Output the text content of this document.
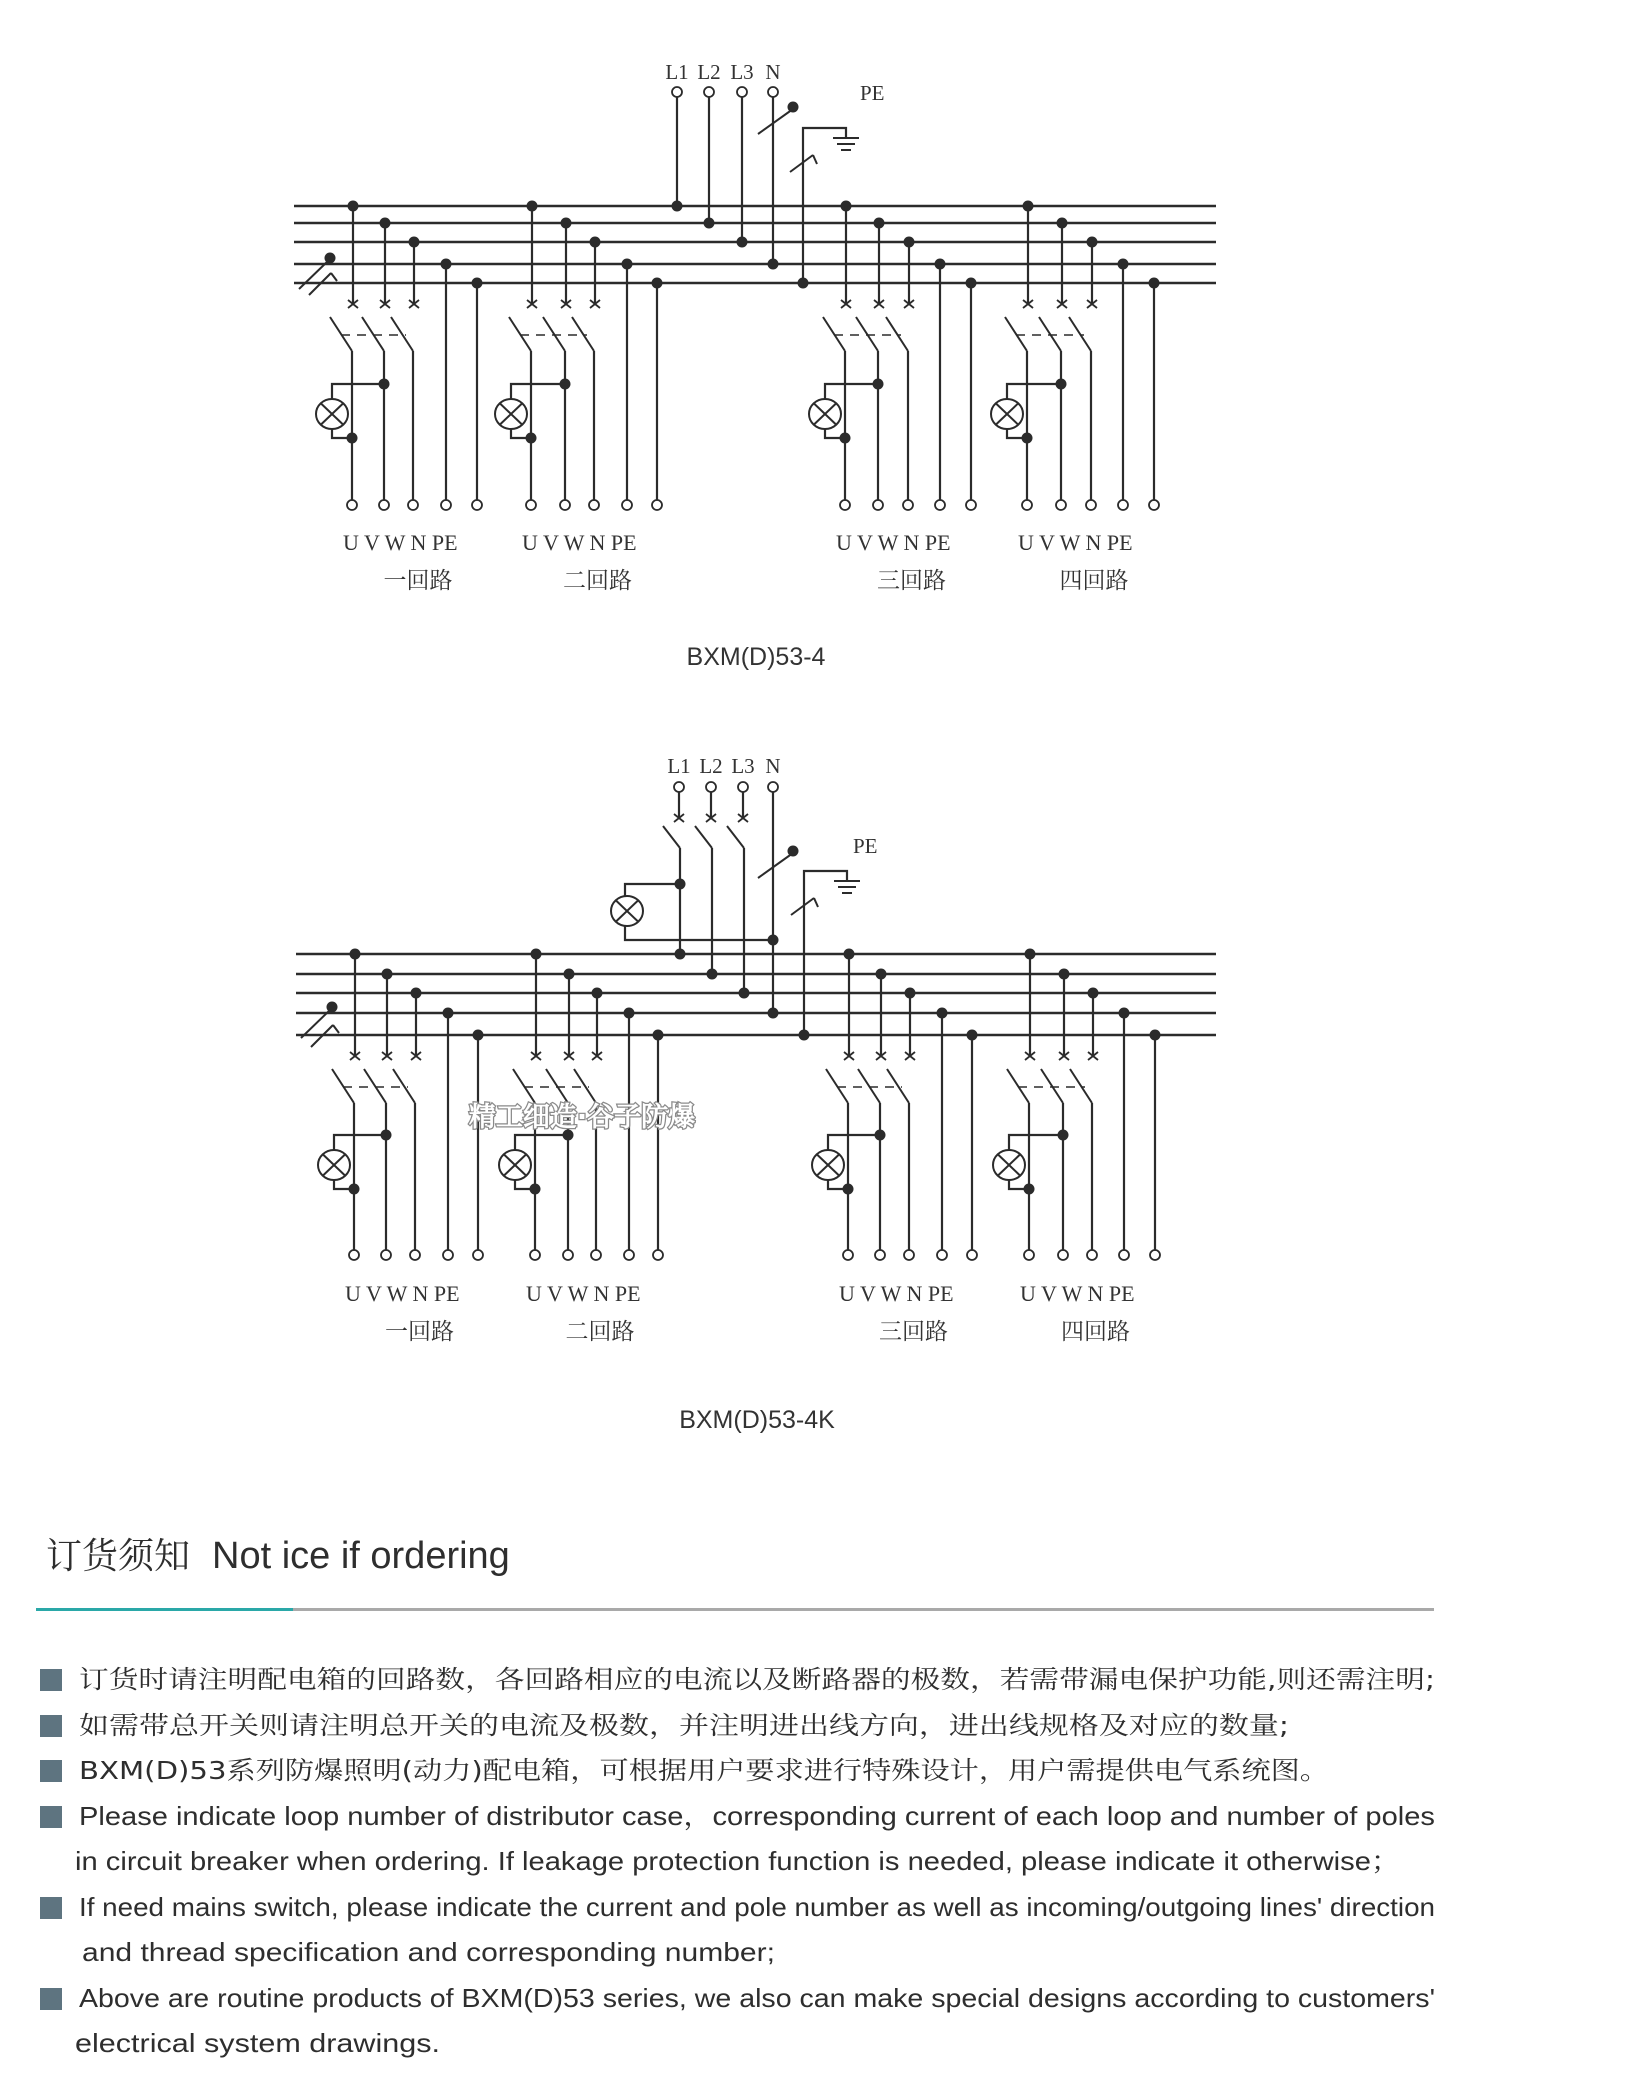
U V W N PE
一回路
U V W N PE
二回路
U V W N PE
三回路
U V W N PE
四回路
L1 L2 L3 N
PE
U V W N PE
一回路
U V W N PE
二回路
U V W N PE
三回路
U V W N PE
四回路
L1 L2 L3 N
PE
BXM(D)53-4
BXM(D)53-4K
精工细造·谷子防爆
订货须知 Not ice if ordering
订货时请注明配电箱的回路数，各回路相应的电流以及断路器的极数，若需带漏电保护功能,则还需注明;
如需带总开关则请注明总开关的电流及极数，并注明进出线方向，进出线规格及对应的数量;
BXM(D)53系列防爆照明(动力)配电箱，可根据用户要求进行特殊设计，用户需提供电气系统图。
Please indicate loop number of distributor case，corresponding current of each loop and number of poles
in circuit breaker when ordering. If leakage protection function is needed, please indicate it otherwise；
If need mains switch, please indicate the current and pole number as well as incoming/outgoing lines' direction
and thread specification and corresponding number;
Above are routine products of BXM(D)53 series, we also can make special designs according to customers'
electrical system drawings.
